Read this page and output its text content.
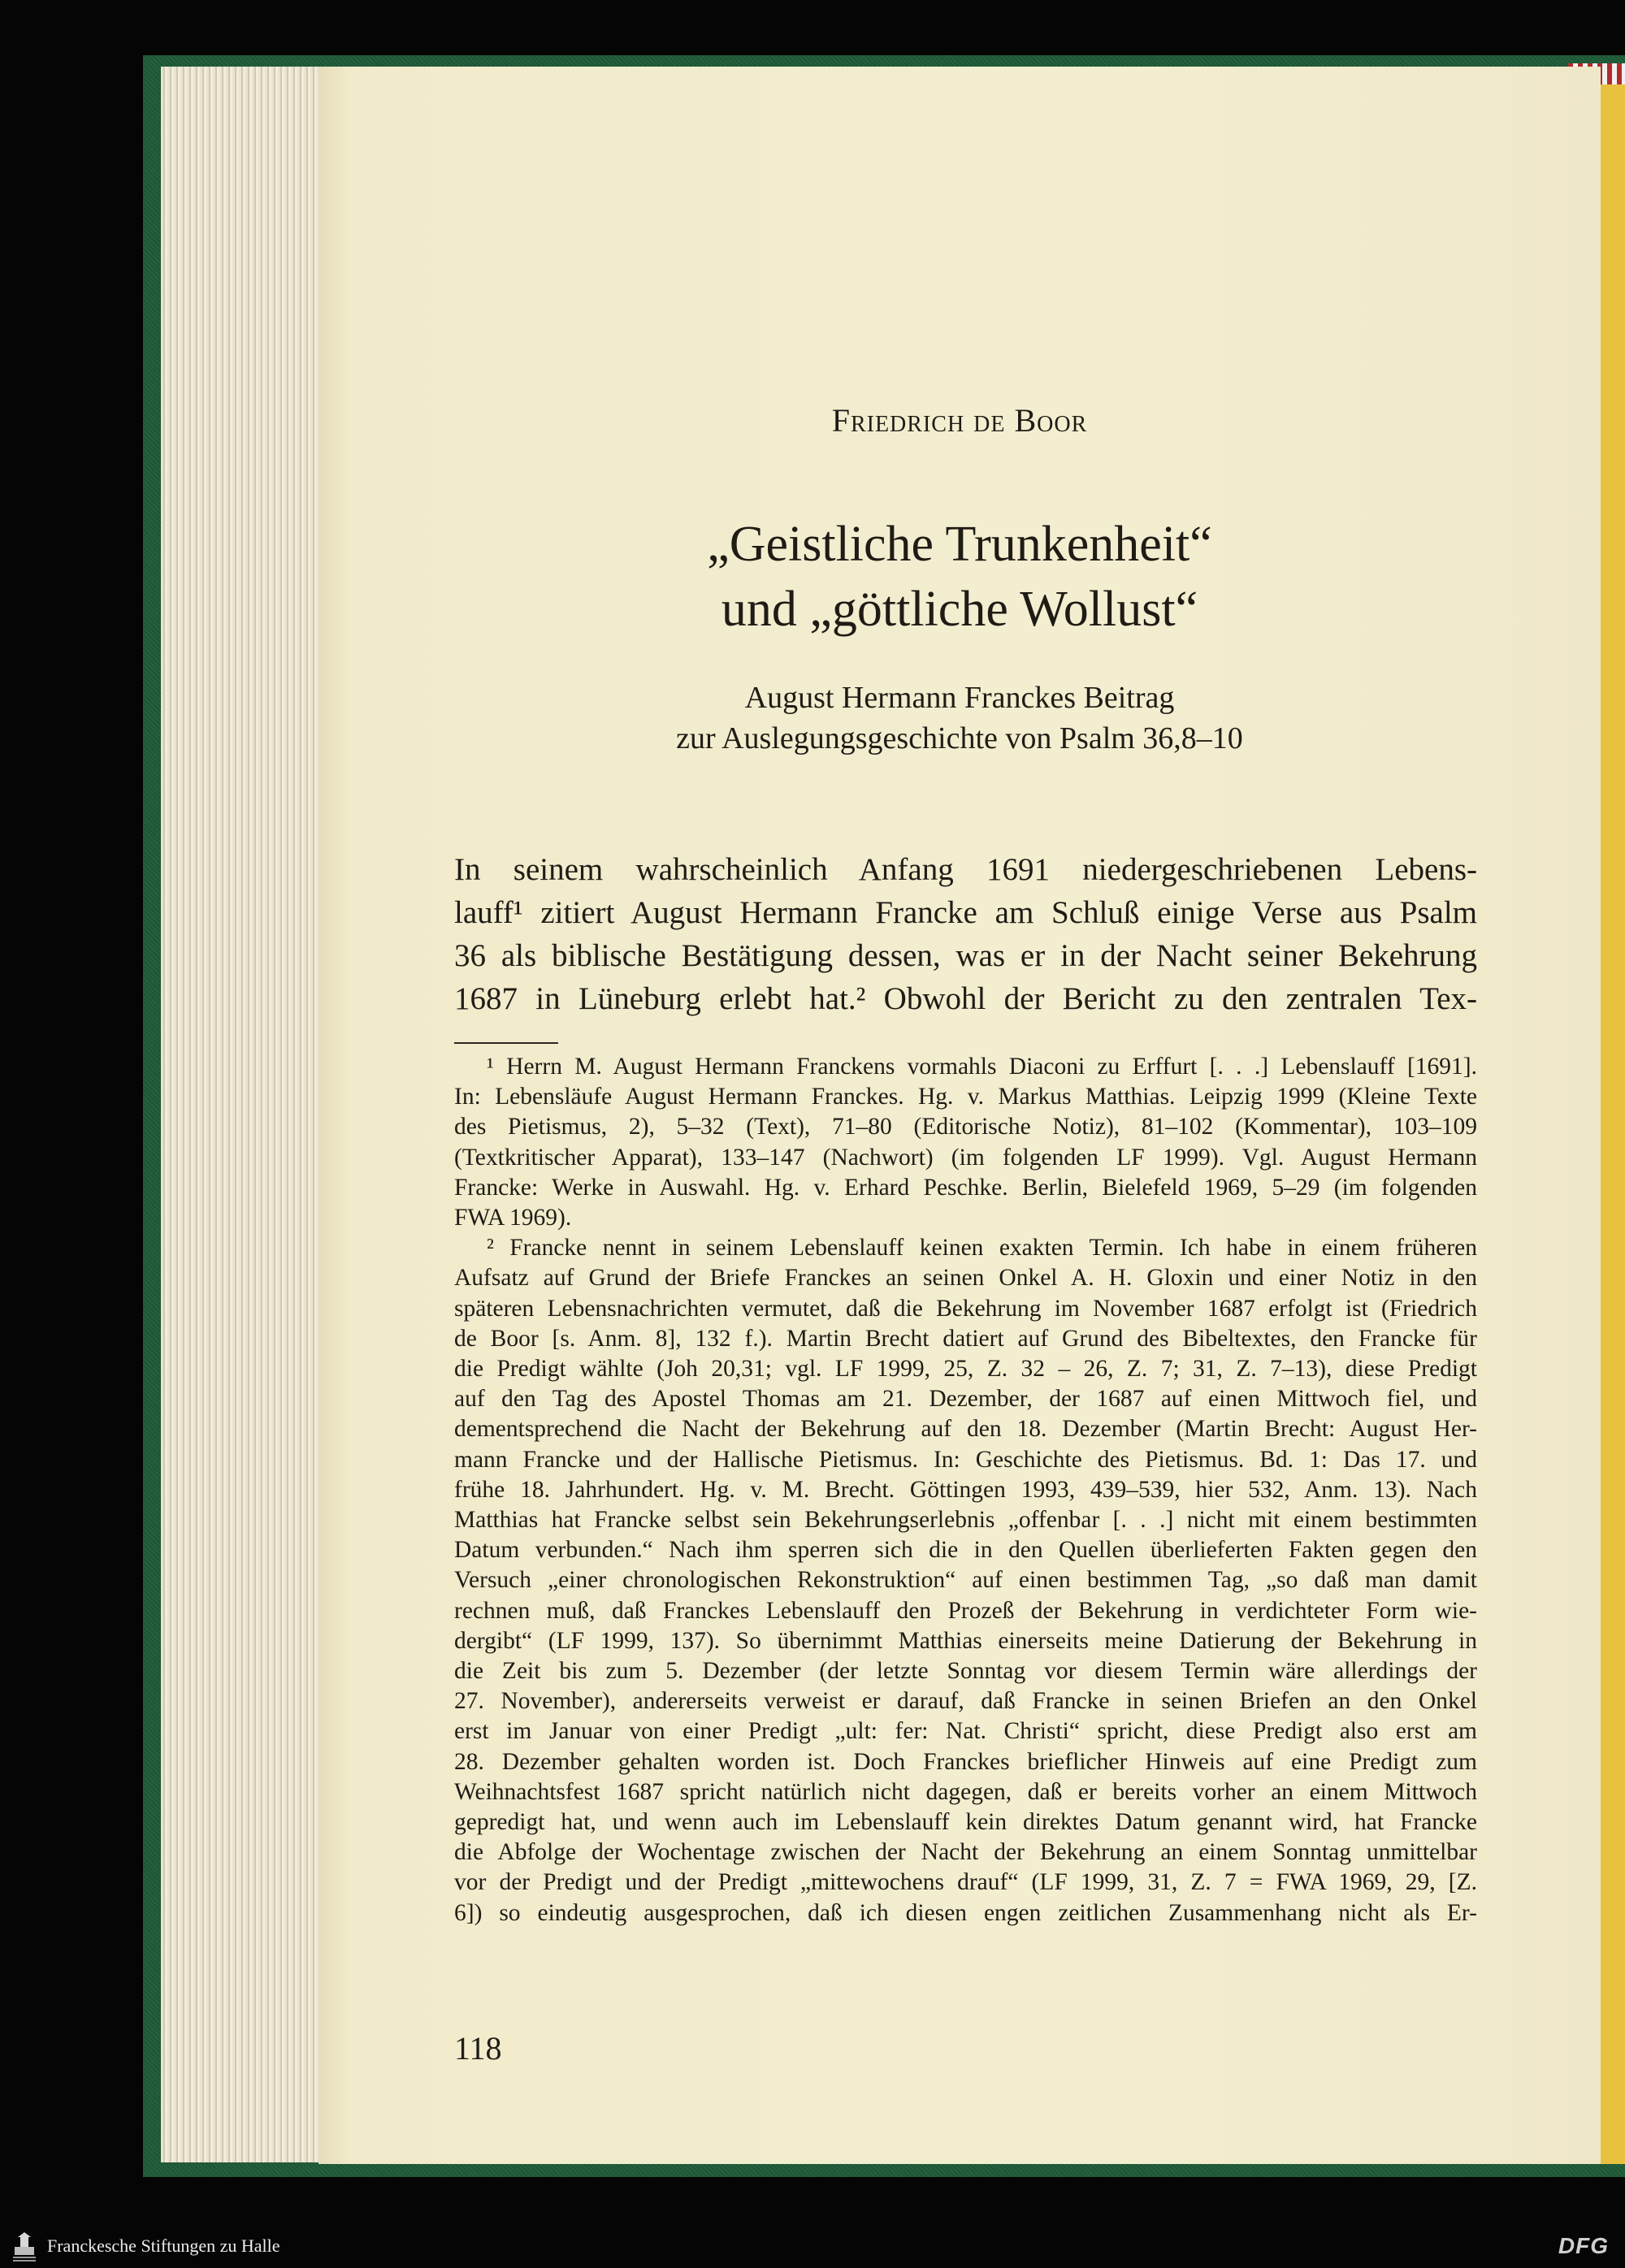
Friedrich de Boor
„Geistliche Trunkenheit“
und „göttliche Wollust“
August Hermann Franckes Beitrag
zur Auslegungsgeschichte von Psalm 36,8–10
In seinem wahrscheinlich Anfang 1691 niedergeschriebenen Lebens-
lauff¹ zitiert August Hermann Francke am Schluß einige Verse aus Psalm
36 als biblische Bestätigung dessen, was er in der Nacht seiner Bekehrung
1687 in Lüneburg erlebt hat.² Obwohl der Bericht zu den zentralen Tex-
¹ Herrn M. August Hermann Franckens vormahls Diaconi zu Erffurt [. . .] Lebenslauff [1691].
In: Lebensläufe August Hermann Franckes. Hg. v. Markus Matthias. Leipzig 1999 (Kleine Texte
des Pietismus, 2), 5–32 (Text), 71–80 (Editorische Notiz), 81–102 (Kommentar), 103–109
(Textkritischer Apparat), 133–147 (Nachwort) (im folgenden LF 1999). Vgl. August Hermann
Francke: Werke in Auswahl. Hg. v. Erhard Peschke. Berlin, Bielefeld 1969, 5–29 (im folgenden
FWA 1969).
² Francke nennt in seinem Lebenslauff keinen exakten Termin. Ich habe in einem früheren
Aufsatz auf Grund der Briefe Franckes an seinen Onkel A. H. Gloxin und einer Notiz in den
späteren Lebensnachrichten vermutet, daß die Bekehrung im November 1687 erfolgt ist (Friedrich
de Boor [s. Anm. 8], 132 f.). Martin Brecht datiert auf Grund des Bibeltextes, den Francke für
die Predigt wählte (Joh 20,31; vgl. LF 1999, 25, Z. 32 – 26, Z. 7; 31, Z. 7–13), diese Predigt
auf den Tag des Apostel Thomas am 21. Dezember, der 1687 auf einen Mittwoch fiel, und
dementsprechend die Nacht der Bekehrung auf den 18. Dezember (Martin Brecht: August Her-
mann Francke und der Hallische Pietismus. In: Geschichte des Pietismus. Bd. 1: Das 17. und
frühe 18. Jahrhundert. Hg. v. M. Brecht. Göttingen 1993, 439–539, hier 532, Anm. 13). Nach
Matthias hat Francke selbst sein Bekehrungserlebnis „offenbar [. . .] nicht mit einem bestimmten
Datum verbunden.“ Nach ihm sperren sich die in den Quellen überlieferten Fakten gegen den
Versuch „einer chronologischen Rekonstruktion“ auf einen bestimmen Tag, „so daß man damit
rechnen muß, daß Franckes Lebenslauff den Prozeß der Bekehrung in verdichteter Form wie-
dergibt“ (LF 1999, 137). So übernimmt Matthias einerseits meine Datierung der Bekehrung in
die Zeit bis zum 5. Dezember (der letzte Sonntag vor diesem Termin wäre allerdings der
27. November), andererseits verweist er darauf, daß Francke in seinen Briefen an den Onkel
erst im Januar von einer Predigt „ult: fer: Nat. Christi“ spricht, diese Predigt also erst am
28. Dezember gehalten worden ist. Doch Franckes brieflicher Hinweis auf eine Predigt zum
Weihnachtsfest 1687 spricht natürlich nicht dagegen, daß er bereits vorher an einem Mittwoch
gepredigt hat, und wenn auch im Lebenslauff kein direktes Datum genannt wird, hat Francke
die Abfolge der Wochentage zwischen der Nacht der Bekehrung an einem Sonntag unmittelbar
vor der Predigt und der Predigt „mittewochens drauf“ (LF 1999, 31, Z. 7 = FWA 1969, 29, [Z.
6]) so eindeutig ausgesprochen, daß ich diesen engen zeitlichen Zusammenhang nicht als Er-
118
Franckesche Stiftungen zu Halle	DFG
